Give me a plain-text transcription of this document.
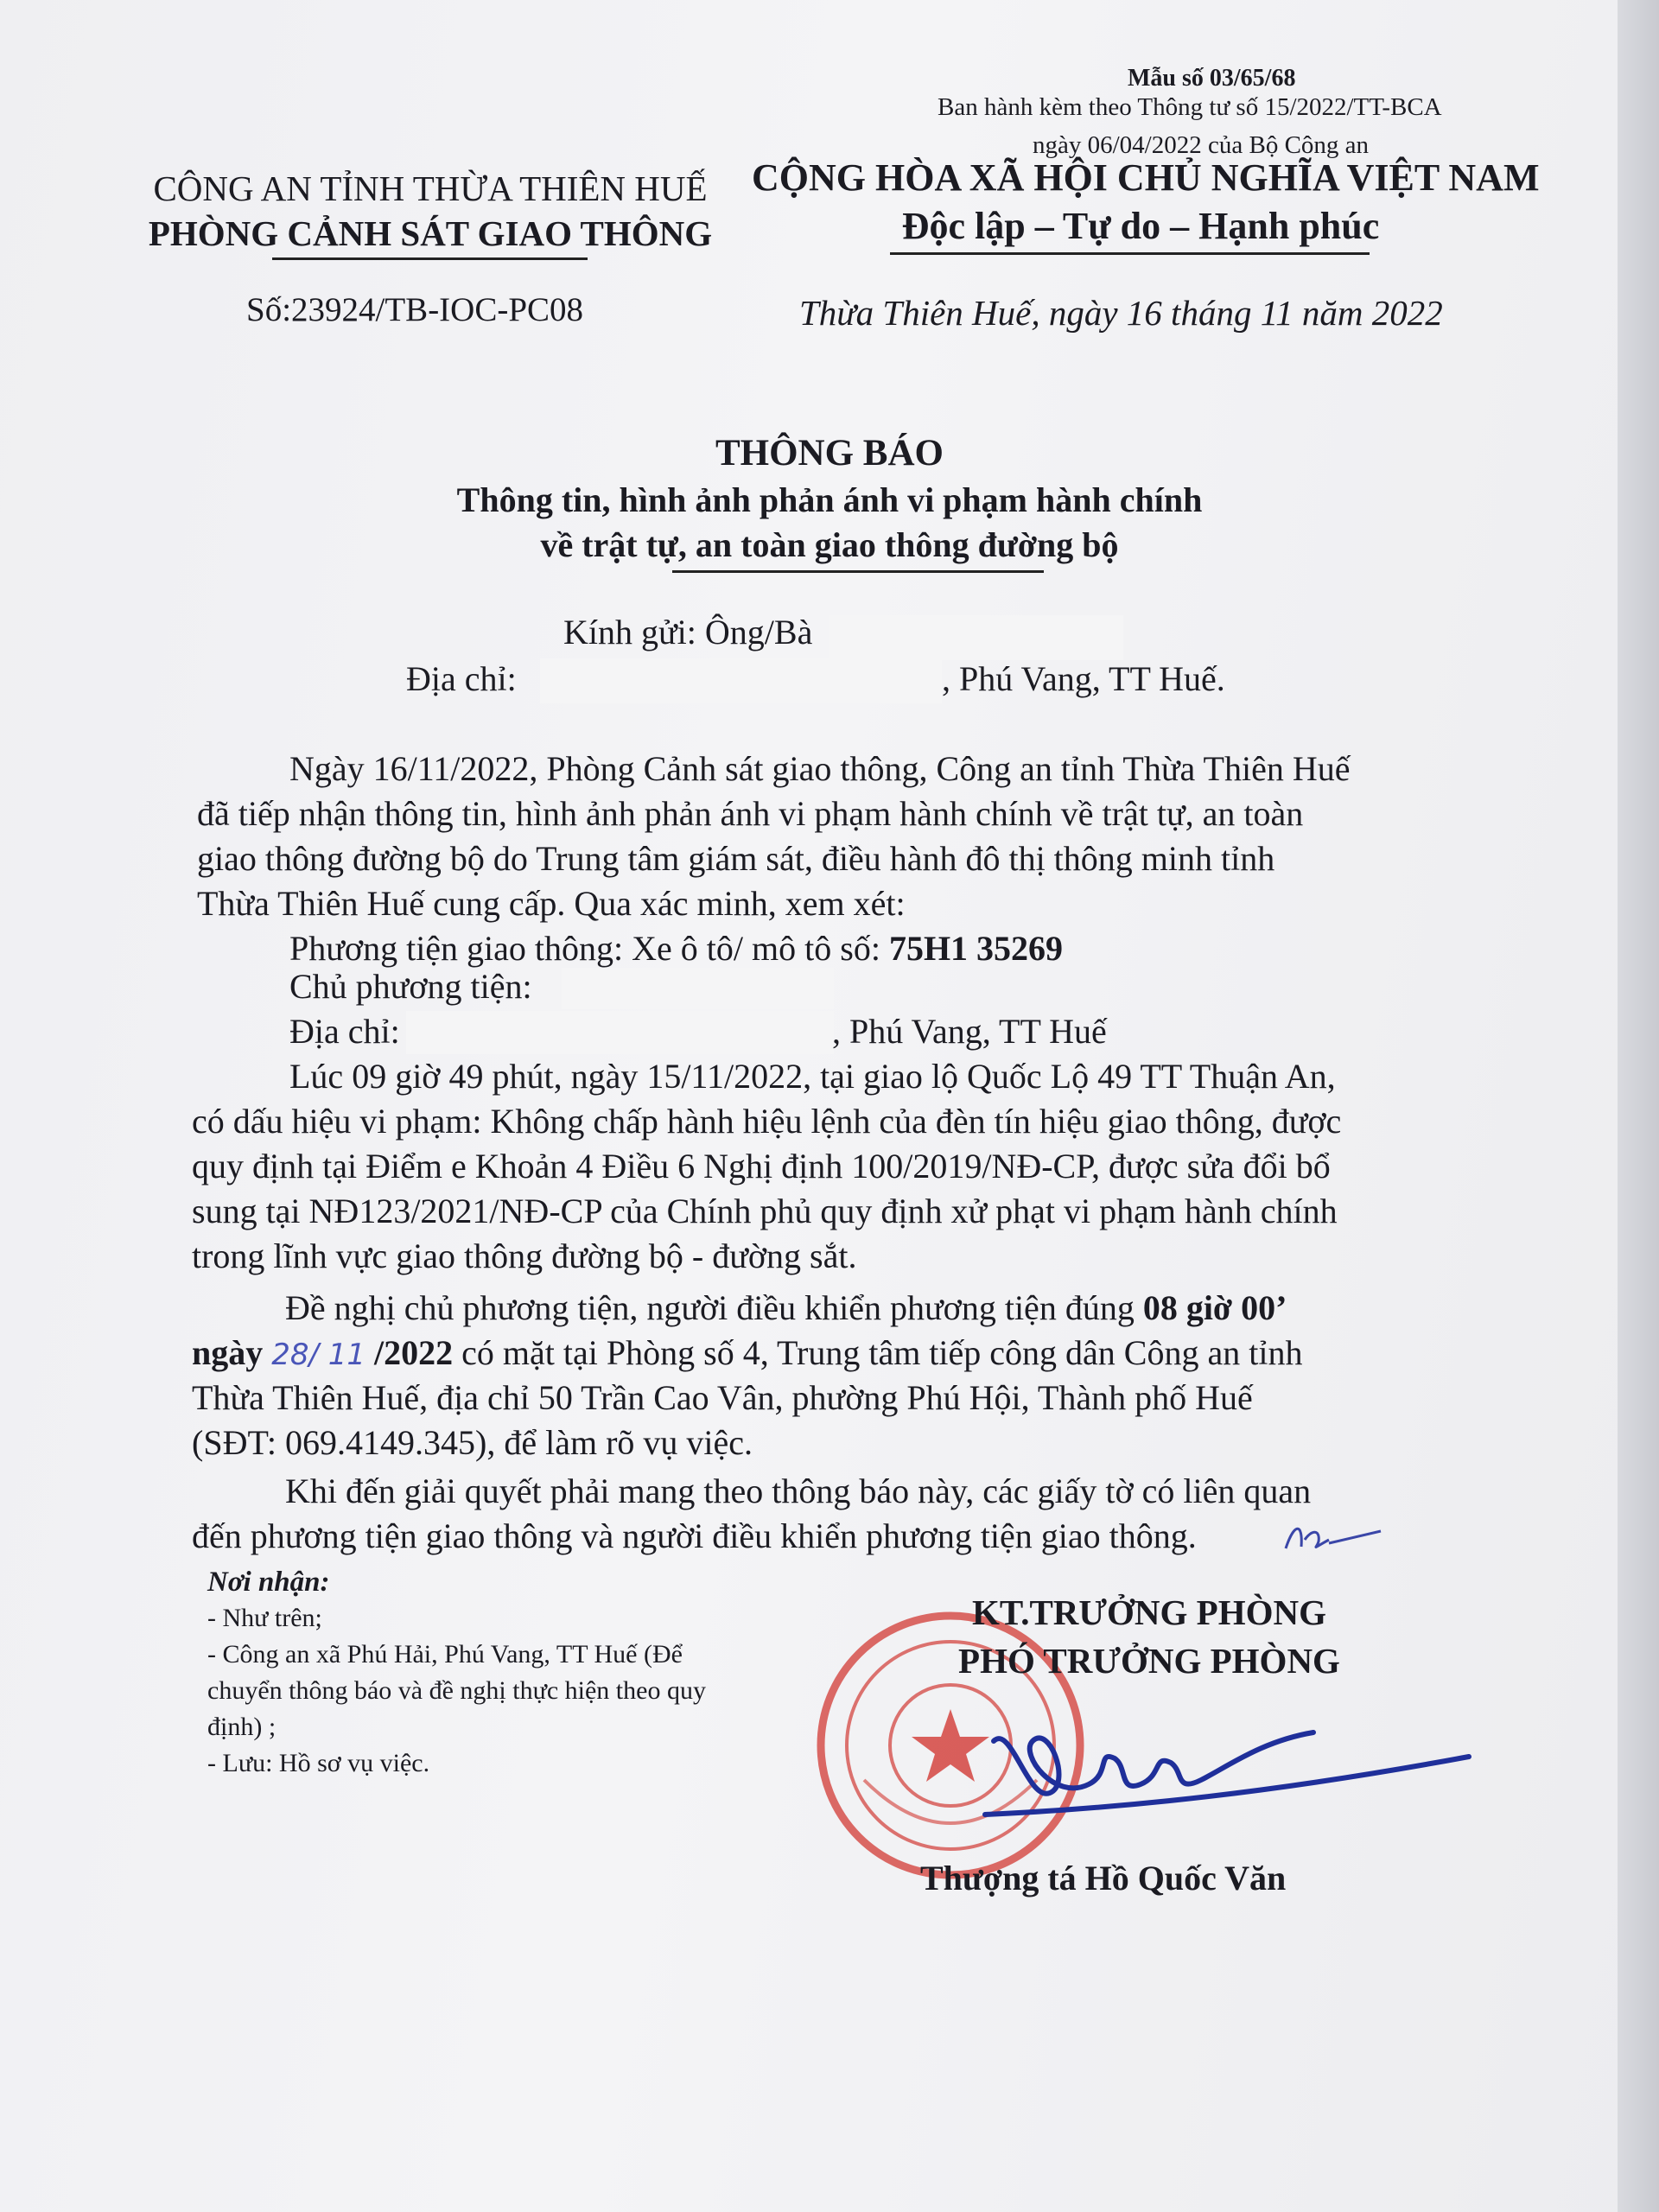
Mẫu số 03/65/68
Ban hành kèm theo Thông tư số 15/2022/TT-BCA
ngày 06/04/2022 của Bộ Công an
CÔNG AN TỈNH THỪA THIÊN HUẾ
PHÒNG CẢNH SÁT GIAO THÔNG
Số:23924/TB-IOC-PC08
CỘNG HÒA XÃ HỘI CHỦ NGHĨA VIỆT NAM
Độc lập – Tự do – Hạnh phúc
Thừa Thiên Huế, ngày 16 tháng 11 năm 2022
THÔNG BÁO
Thông tin, hình ảnh phản ánh vi phạm hành chính
về trật tự, an toàn giao thông đường bộ
Kính gửi: Ông/Bà
Địa chỉ:	, Phú Vang, TT Huế.
Ngày 16/11/2022, Phòng Cảnh sát giao thông, Công an tỉnh Thừa Thiên Huế
đã tiếp nhận thông tin, hình ảnh phản ánh vi phạm hành chính về trật tự, an toàn
giao thông đường bộ do Trung tâm giám sát, điều hành đô thị thông minh tỉnh
Thừa Thiên Huế cung cấp. Qua xác minh, xem xét:
Phương tiện giao thông: Xe ô tô/ mô tô số: 75H1 35269
Chủ phương tiện:
Địa chỉ:	, Phú Vang, TT Huế
Lúc 09 giờ 49 phút, ngày 15/11/2022, tại giao lộ Quốc Lộ 49 TT Thuận An,
có dấu hiệu vi phạm: Không chấp hành hiệu lệnh của đèn tín hiệu giao thông, được
quy định tại Điểm e Khoản 4 Điều 6 Nghị định 100/2019/NĐ-CP, được sửa đổi bổ
sung tại NĐ123/2021/NĐ-CP của Chính phủ quy định xử phạt vi phạm hành chính
trong lĩnh vực giao thông đường bộ - đường sắt.
Đề nghị chủ phương tiện, người điều khiển phương tiện đúng 08 giờ 00’
ngày 28/ 11 /2022 có mặt tại Phòng số 4, Trung tâm tiếp công dân Công an tỉnh
Thừa Thiên Huế, địa chỉ 50 Trần Cao Vân, phường Phú Hội, Thành phố Huế
(SĐT: 069.4149.345), để làm rõ vụ việc.
Khi đến giải quyết phải mang theo thông báo này, các giấy tờ có liên quan
đến phương tiện giao thông và người điều khiển phương tiện giao thông.
Nơi nhận:
- Như trên;
- Công an xã Phú Hải, Phú Vang, TT Huế (Để
chuyển thông báo và đề nghị thực hiện theo quy
định) ;
- Lưu: Hồ sơ vụ việc.
KT.TRƯỞNG PHÒNG
PHÓ TRƯỞNG PHÒNG
Thượng tá Hồ Quốc Văn
